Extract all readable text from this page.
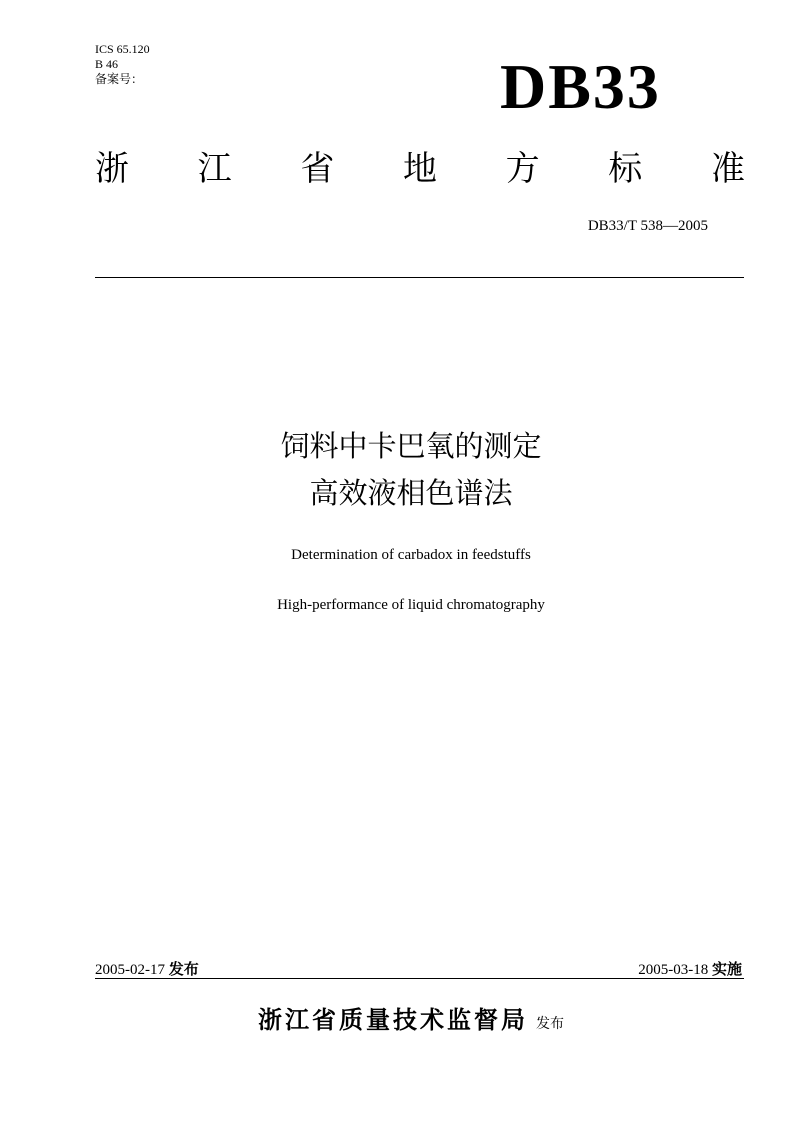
ICS 65.120
B 46
备案号：	DB33
浙 江 省 地 方 标 准
DB33/T 538—2005
饲料中卡巴氧的测定
高效液相色谱法
Determination of carbadox in feedstuffs
High-performance of liquid chromatography
2005-02-17 发布	2005-03-18 实施
浙江省质量技术监督局 发布
